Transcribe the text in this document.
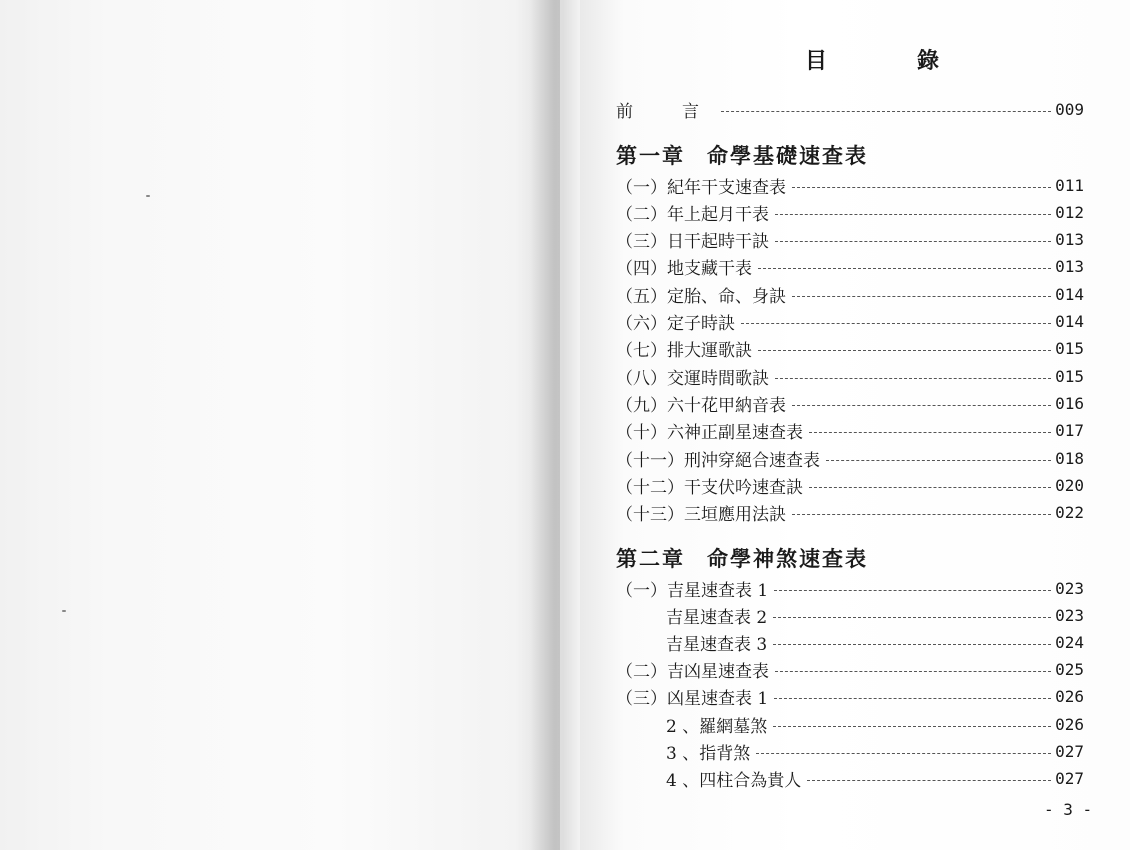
目　錄
前　言	009
第一章 命學基礎速查表
（一） 紀年干支速查表	011
（二） 年上起月干表	012
（三） 日干起時干訣	013
（四） 地支藏干表	013
（五） 定胎、命、身訣	014
（六） 定子時訣	014
（七） 排大運歌訣	015
（八） 交運時間歌訣	015
（九） 六十花甲納音表	016
（十） 六神正副星速查表	017
（十一） 刑沖穿絕合速查表	018
（十二） 干支伏吟速查訣	020
（十三） 三垣應用法訣	022
第二章 命學神煞速查表
（一） 吉星速查表 1	023
吉星速查表 2	023
吉星速查表 3	024
（二） 吉凶星速查表	025
（三） 凶星速查表 1	026
2 、羅網墓煞	026
3 、指背煞	027
4 、四柱合為貴人	027
- 3 -
